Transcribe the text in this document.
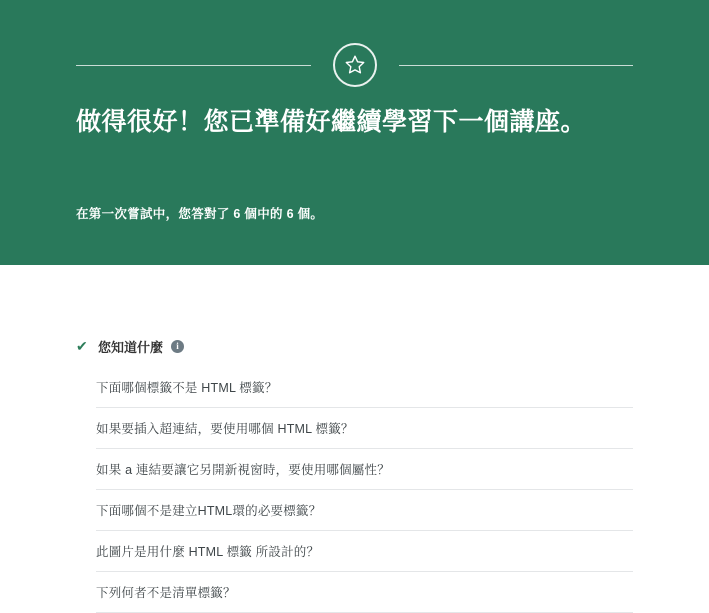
做得很好！您已準備好繼續學習下一個講座。
在第一次嘗試中，您答對了 6 個中的 6 個。
✔ 您知道什麼	i
下面哪個標籤不是 HTML 標籤？
如果要插入超連結，要使用哪個 HTML 標籤？
如果 a 連結要讓它另開新視窗時，要使用哪個屬性？
下面哪個不是建立HTML環的必要標籤？
此圖片是用什麼 HTML 標籤 所設計的？
下列何者不是清單標籤？
